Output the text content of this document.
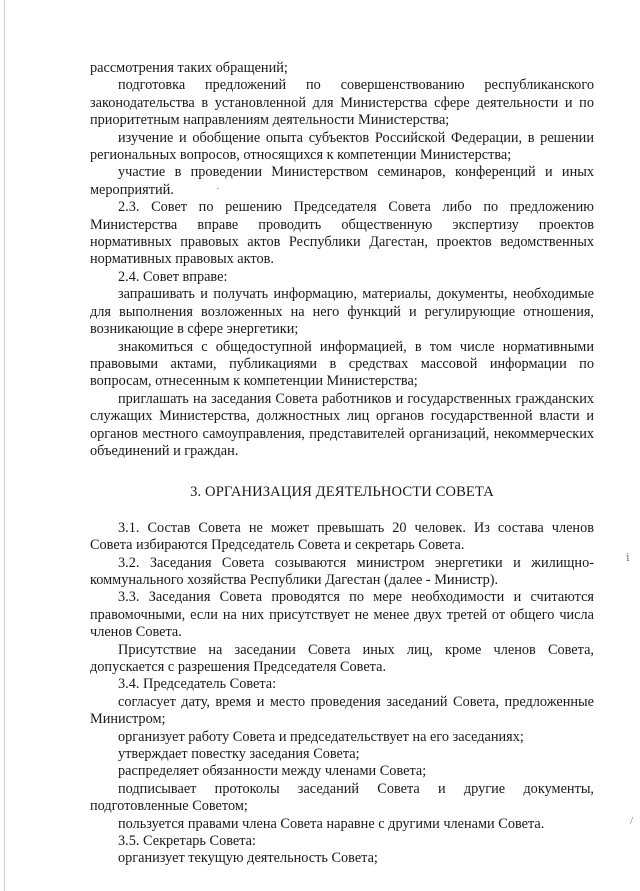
рассмотрения таких обращений;

подготовка предложений по совершенствованию республиканского законодательства в установленной для Министерства сфере деятельности и по приоритетным направлениям деятельности Министерства;

изучение и обобщение опыта субъектов Российской Федерации, в решении региональных вопросов, относящихся к компетенции Министерства;

участие в проведении Министерством семинаров, конференций и иных мероприятий.

2.3. Совет по решению Председателя Совета либо по предложению Министерства вправе проводить общественную экспертизу проектов нормативных правовых актов Республики Дагестан, проектов ведомственных нормативных правовых актов.

2.4. Совет вправе:

запрашивать и получать информацию, материалы, документы, необходимые для выполнения возложенных на него функций и регулирующие отношения, возникающие в сфере энергетики;

знакомиться с общедоступной информацией, в том числе нормативными правовыми актами, публикациями в средствах массовой информации по вопросам, отнесенным к компетенции Министерства;

приглашать на заседания Совета работников и государственных гражданских служащих Министерства, должностных лиц органов государственной власти и органов местного самоуправления, представителей организаций, некоммерческих объединений и граждан.

3. ОРГАНИЗАЦИЯ ДЕЯТЕЛЬНОСТИ СОВЕТА

3.1. Состав Совета не может превышать 20 человек. Из состава членов Совета избираются Председатель Совета и секретарь Совета.

3.2. Заседания Совета созываются министром энергетики и жилищно-коммунального хозяйства Республики Дагестан (далее - Министр).

3.3. Заседания Совета проводятся по мере необходимости и считаются правомочными, если на них присутствует не менее двух третей от общего числа членов Совета.

Присутствие на заседании Совета иных лиц, кроме членов Совета, допускается с разрешения Председателя Совета.

3.4. Председатель Совета:

согласует дату, время и место проведения заседаний Совета, предложенные Министром;

организует работу Совета и председательствует на его заседаниях;

утверждает повестку заседания Совета;

распределяет обязанности между членами Совета;

подписывает протоколы заседаний Совета и другие документы, подготовленные Советом;

пользуется правами члена Совета наравне с другими членами Совета.

3.5. Секретарь Совета:

организует текущую деятельность Совета;

·
ⅰ
/
